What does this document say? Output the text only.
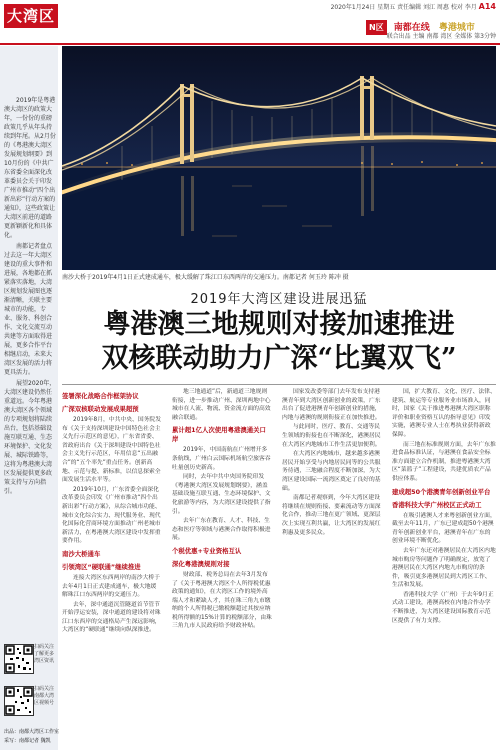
大湾区	2020年1月24日 星期五 责任编辑 刘江 周惠 校对 李月 A14
N区 南都在线 粤港城市
联合出品 主编 南都 湾区 全媒体 第3分钟

2019年是粤港澳大湾区的政策大年，一份份的重磅政策几乎从年头持续到年尾。从2月份的《粤港澳大湾区发展规划纲要》到10月份的《中共广东省委全面深化改革委员会关于印发广州市推动“四个出新出彩”行动方案的通知》，这些政策让大湾区前进的道路更新颖新化和具体化。

南都记者盘点过去这一年大湾区建设的重大事件和进展，各地都在抓紧落实落地，大湾区规划发展图也逐渐清晰，关联主要城市的功能，专业、服务、科创合作、文化交流互动共建等方面取得进展，更多合作平台相继启动，未来大湾区发展的活力将更具活力。

展望2020年，大湾区建设仍然任重道远。今年粤港澳大湾区各个领域的专项规划将陆续出台，包括基础设施互联互通、生态环境保护、文化发展、城际铁路等，这将为粤港澳大湾区发展提供更多政策支持与方向指引。

扫码关注了解更多湾区资讯
扫码关注南都大湾区视频号
出品：南都大湾区工作室
采写：南都记者 魏凯
南沙大桥于2019年4月1日正式建成通车，极大缓解了珠江口东西两岸的交通压力。南都记者 何玉玲 陈冲 摄
2019年大湾区建设进展迅猛
粤港澳三地规则对接加速推进
双核联动助力广深“比翼双飞”

签署深化战略合作框架协议

广深双核联动发展成果超预

2019年8月，中共中央、国务院发布《关于支持深圳建设中国特色社会主义先行示范区的意见》，广东省省委、省政府出台《关于深圳建设中国特色社会主义先行示范区，年用信息“五出融合”的“五个率先”重点任务。创新高地、示范与提、新标准，以信息探索全面发展生活水平等。

2019年10月，广东省委全面深化改革委员会印发《广州市推动“四个出新出彩”行动方案》，从综合城市功能、城市文化综合实力、现代服务业、现代化国际化营商环境方面推动广州老城市新活力，在粤港澳大湾区建设中发挥重要作用。

南沙大桥通车

引领湾区“硬联通”继续推进

连接大湾区东西两岸的南沙大桥于去年4月1日正式建成通车，极大地缓解珠江口东西两岸的交通压力。

去年，深中通道沉管隧道首节管节开始浮运安装，深中通道的建设将对珠江口东西岸的交通格局产生深远影响，大湾区的“硬联通”继续向纵深推进。

地三地通道”后，新通道三地规则衔接，进一步推动广州、深圳两地中心城市在人流、物流、资金流方面的高效融合联通。

累计超1亿人次使用粤港澳通关口岸

2019年，中国南航在广州增开多条航线，广州白云国际机场航空旅客吞吐量创历史新高。

同时，去年中共中央国务院印发《粤港澳大湾区发展规划纲要》，涵盖基础设施互联互通、生态环境保护、文化旅游等内容，为大湾区建设提供了指引。

去年广东在教育、人才、科技、生态和医疗等领域与港澳合作取得积极进展。

个税优惠+专业资格互认

深化粤港澳规则对接

财政部、税务总局在去年3月发布了《关于粤港澳大湾区个人所得税优惠政策的通知》，在大湾区工作的境外高端人才和紧缺人才，其在珠三角九市缴纳的个人所得税已缴税额超过其按应纳税所得额的15%计算的税额部分，由珠三角九市人民政府给予财政补贴。

国家发改委等部门去年发布支持港澳青年到大湾区创新创业的政策，广东出台了促进港澳青年创新创业的措施，内地与港澳的规则衔接正在加快推进。

与此同时，医疗、教育、交通等民生领域的衔接也在不断深化，港澳居民在大湾区内地城市工作生活更加便利。

在大湾区内地城市，越来越多港澳居民开始享受与内地居民同等的公共服务待遇，三地融合程度不断加深，为大湾区建设国际一流湾区奠定了良好的基础。

南都记者观察到，今年大湾区建设将继续在规则衔接、要素流动等方面深化合作，推动三地在更广领域、更深层次上实现互利共赢，让大湾区的发展红利惠及更多民众。

国，扩大教育、文化、医疗、法律、建筑、航运等专业服务业市场准入，同时，国家《关于推进粤港澳大湾区职称评价和职业资格互认的指导意见》印发实施，港澳专业人士在粤执业获得新政保障。

而三地在标准规则方面，去年广东推进食品标准认证，与港澳在食品安全标准方面建立合作机制，推进粤港澳大湾区“菜篮子”工程建设，共建优质农产品供应体系。

建成超50个港澳青年创新创业平台

香港科技大学广州校区正式动工

在吸引港澳人才来粤创新创业方面，截至去年11月，广东已建成超50个港澳青年创新创业平台，港澳青年在广东的创业环境不断优化。

去年广东还对港澳居民在大湾区内地城市购房等问题作了明确规定，放宽了港澳居民在大湾区内地九市购房的条件，吸引更多港澳居民到大湾区工作、生活和发展。

香港科技大学（广州）于去年9月正式动工建设，港澳高校在内地合作办学不断推进，为大湾区建设国际教育示范区提供了有力支撑。
